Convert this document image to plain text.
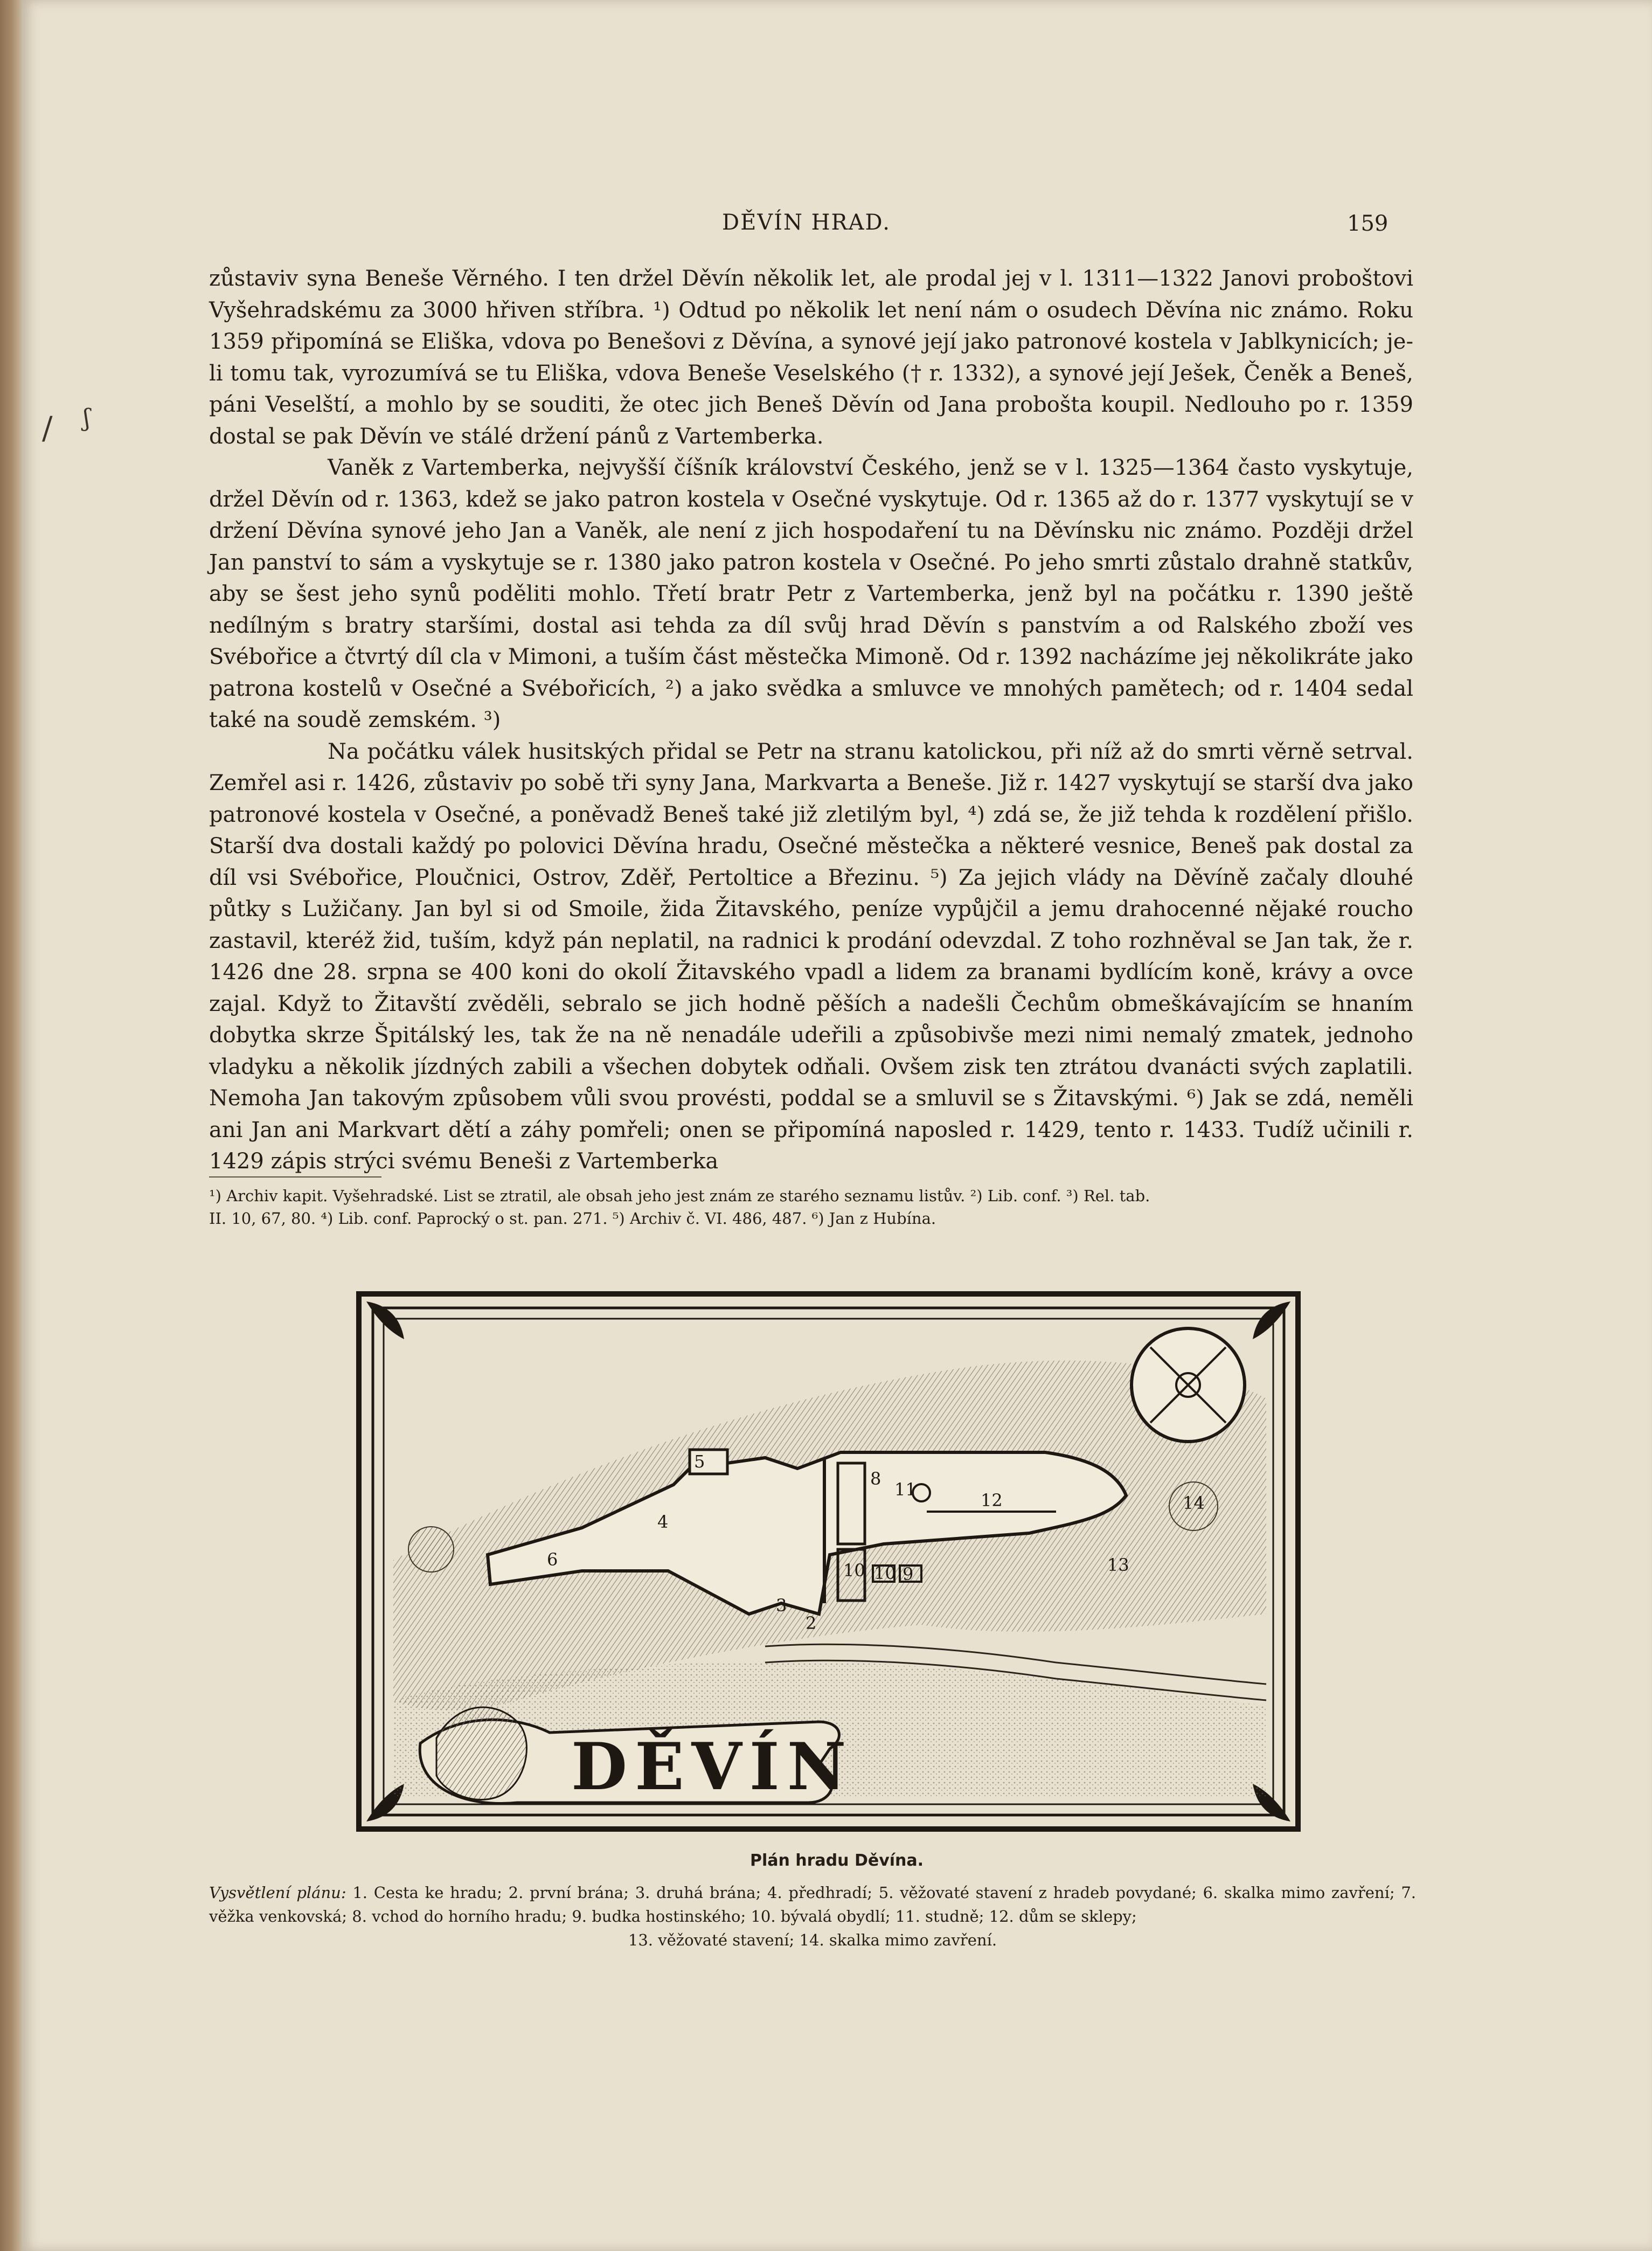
DĚVÍN HRAD.	159

zůstaviv syna Beneše Věrného. I ten držel Děvín několik let, ale prodal jej v l. 1311—1322 Janovi proboštovi Vyšehradskému za 3000 hřiven stříbra. ¹) Odtud po několik let není nám o osudech Děvína nic známo. Roku 1359 připomíná se Eliška, vdova po Benešovi z Děvína, a synové její jako patronové kostela v Jablkynicích; je-li tomu tak, vyrozumívá se tu Eliška, vdova Beneše Veselského († r. 1332), a synové její Ješek, Čeněk a Beneš, páni Veselští, a mohlo by se souditi, že otec jich Beneš Děvín od Jana probošta koupil. Nedlouho po r. 1359 dostal se pak Děvín ve stálé držení pánů z Vartemberka.

Vaněk z Vartemberka, nejvyšší číšník království Českého, jenž se v l. 1325—1364 často vyskytuje, držel Děvín od r. 1363, kdež se jako patron kostela v Osečné vyskytuje. Od r. 1365 až do r. 1377 vyskytují se v držení Děvína synové jeho Jan a Vaněk, ale není z jich hospodaření tu na Děvínsku nic známo. Později držel Jan panství to sám a vyskytuje se r. 1380 jako patron kostela v Osečné. Po jeho smrti zůstalo drahně statkův, aby se šest jeho synů poděliti mohlo. Třetí bratr Petr z Vartemberka, jenž byl na počátku r. 1390 ještě nedílným s bratry staršími, dostal asi tehda za díl svůj hrad Děvín s panstvím a od Ralského zboží ves Svébořice a čtvrtý díl cla v Mimoni, a tuším část městečka Mimoně. Od r. 1392 nacházíme jej několikráte jako patrona kostelů v Osečné a Svébořicích, ²) a jako svědka a smluvce ve mnohých pamětech; od r. 1404 sedal také na soudě zemském. ³)

Na počátku válek husitských přidal se Petr na stranu katolickou, při níž až do smrti věrně setrval. Zemřel asi r. 1426, zůstaviv po sobě tři syny Jana, Markvarta a Beneše. Již r. 1427 vyskytují se starší dva jako patronové kostela v Osečné, a poněvadž Beneš také již zletilým byl, ⁴) zdá se, že již tehda k rozdělení přišlo. Starší dva dostali každý po polovici Děvína hradu, Osečné městečka a některé vesnice, Beneš pak dostal za díl vsi Svébořice, Ploučnici, Ostrov, Zděř, Pertoltice a Březinu. ⁵) Za jejich vlády na Děvíně začaly dlouhé půtky s Lužičany. Jan byl si od Smoile, žida Žitavského, peníze vypůjčil a jemu drahocenné nějaké roucho zastavil, kteréž žid, tuším, když pán neplatil, na radnici k prodání odevzdal. Z toho rozhněval se Jan tak, že r. 1426 dne 28. srpna se 400 koni do okolí Žitavského vpadl a lidem za branami bydlícím koně, krávy a ovce zajal. Když to Žitavští zvěděli, sebralo se jich hodně pěších a nadešli Čechům obmeškávajícím se hnaním dobytka skrze Špitálský les, tak že na ně nenadále udeřili a způsobivše mezi nimi nemalý zmatek, jednoho vladyku a několik jízdných zabili a všechen dobytek odňali. Ovšem zisk ten ztrátou dvanácti svých zaplatili. Nemoha Jan takovým způsobem vůli svou provésti, poddal se a smluvil se s Žitavskými. ⁶) Jak se zdá, neměli ani Jan ani Markvart dětí a záhy pomřeli; onen se připomíná naposled r. 1429, tento r. 1433. Tudíž učinili r. 1429 zápis strýci svému Beneši z Vartemberka

/ ʃ
¹) Archiv kapit. Vyšehradské. List se ztratil, ale obsah jeho jest znám ze starého seznamu listův. ²) Lib. conf. ³) Rel. tab.
II. 10, 67, 80. ⁴) Lib. conf. Paprocký o st. pan. 271. ⁵) Archiv č. VI. 486, 487. ⁶) Jan z Hubína.
5
6
4
3
2
8
10 10 9
11
12
13
14
DĚVÍN
Plán hradu Děvína.
Vysvětlení plánu: 1. Cesta ke hradu; 2. první brána; 3. druhá brána; 4. předhradí; 5. věžovaté stavení z hradeb povydané; 6. skalka mimo zavření; 7. věžka venkovská; 8. vchod do horního hradu; 9. budka hostinského; 10. bývalá obydlí; 11. studně; 12. dům se sklepy;
13. věžovaté stavení; 14. skalka mimo zavření.
